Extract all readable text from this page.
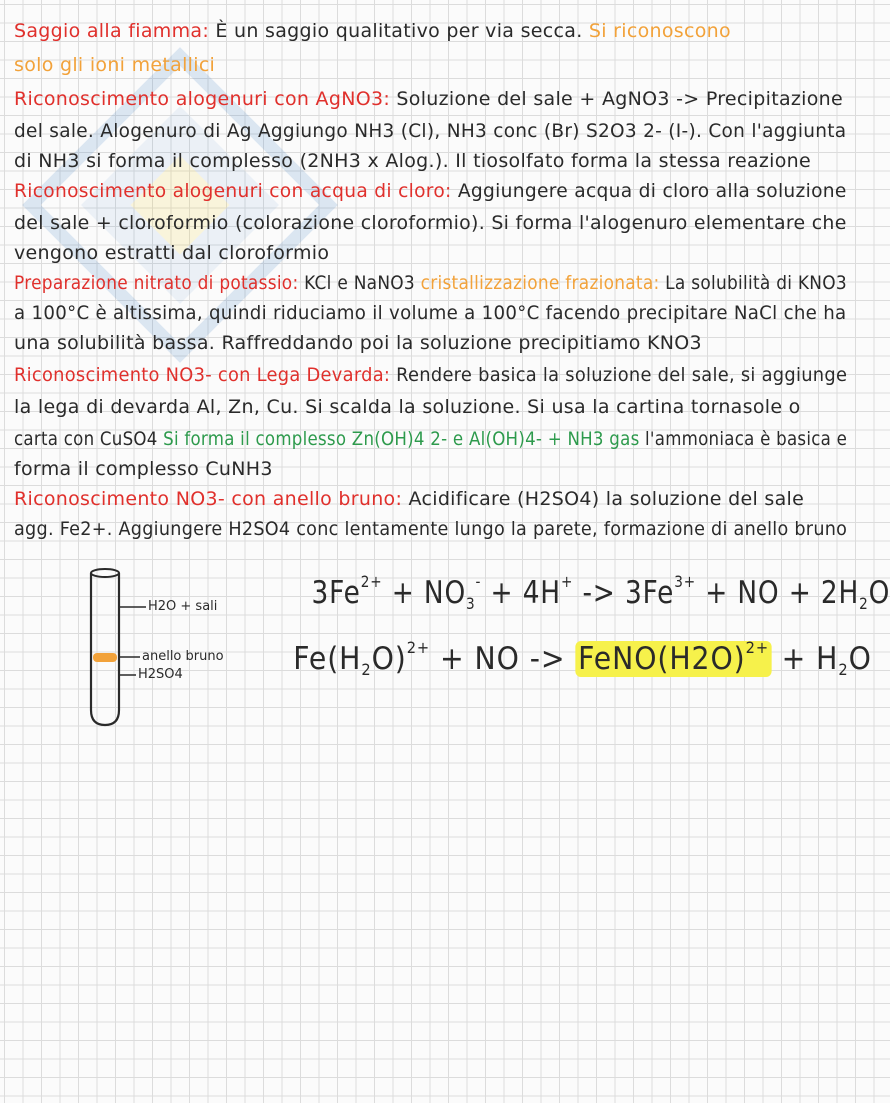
Saggio alla fiamma: È un saggio qualitativo per via secca. Si riconoscono
solo gli ioni metallici
Riconoscimento alogenuri con AgNO3: Soluzione del sale + AgNO3 -> Precipitazione
del sale. Alogenuro di Ag Aggiungo NH3 (Cl), NH3 conc (Br) S2O3 2- (I-). Con l'aggiunta
di NH3 si forma il complesso (2NH3 x Alog.). Il tiosolfato forma la stessa reazione
Riconoscimento alogenuri con acqua di cloro: Aggiungere acqua di cloro alla soluzione
del sale + cloroformio (colorazione cloroformio). Si forma l'alogenuro elementare che
vengono estratti dal cloroformio
Preparazione nitrato di potassio: KCl e NaNO3 cristallizzazione frazionata: La solubilità di KNO3
a 100°C è altissima, quindi riduciamo il volume a 100°C facendo precipitare NaCl che ha
una solubilità bassa. Raffreddando poi la soluzione precipitiamo KNO3
Riconoscimento NO3- con Lega Devarda: Rendere basica la soluzione del sale, si aggiunge
la lega di devarda Al, Zn, Cu. Si scalda la soluzione. Si usa la cartina tornasole o
carta con CuSO4 Si forma il complesso Zn(OH)4 2- e Al(OH)4- + NH3 gas l'ammoniaca è basica e
forma il complesso CuNH3
Riconoscimento NO3- con anello bruno: Acidificare (H2SO4) la soluzione del sale
agg. Fe2+. Aggiungere H2SO4 conc lentamente lungo la parete, formazione di anello bruno
H2O + sali
anello bruno
H2SO4
$3Fe^{2+} + NO_3^- + 4H^+ -> 3Fe^{3+}$ + NO + $2H_2O$
$Fe(H_2O)^{2+}$ + NO -> $FeNO(H2O)^{2+} + H_2O$
